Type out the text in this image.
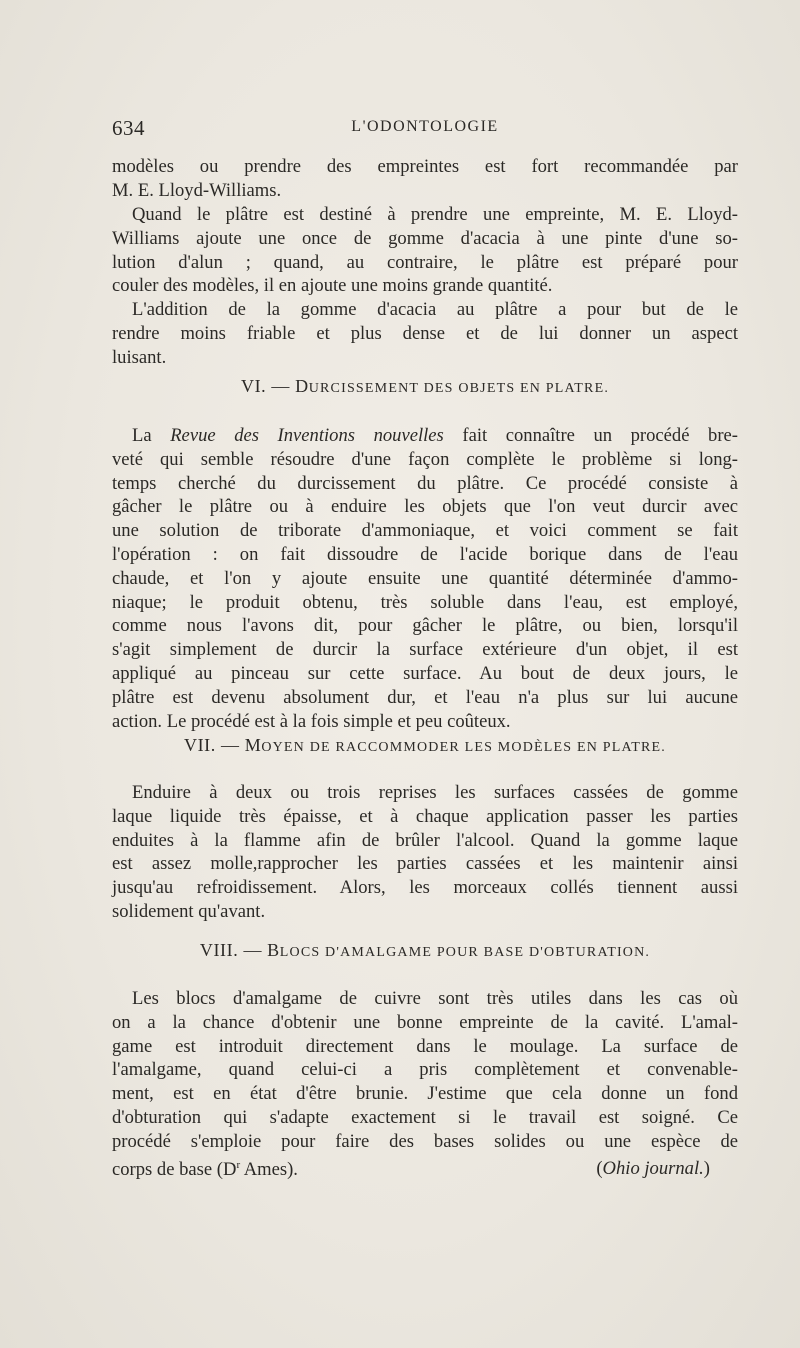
634	L'ODONTOLOGIE
modèles ou prendre des empreintes est fort recommandée par
M. E. Lloyd-Williams.
Quand le plâtre est destiné à prendre une empreinte, M. E. Lloyd-
Williams ajoute une once de gomme d'acacia à une pinte d'une so-
lution d'alun ; quand, au contraire, le plâtre est préparé pour
couler des modèles, il en ajoute une moins grande quantité.
L'addition de la gomme d'acacia au plâtre a pour but de le
rendre moins friable et plus dense et de lui donner un aspect
luisant.
VI. — DURCISSEMENT DES OBJETS EN PLATRE.
La Revue des Inventions nouvelles fait connaître un procédé bre-
veté qui semble résoudre d'une façon complète le problème si long-
temps cherché du durcissement du plâtre. Ce procédé consiste à
gâcher le plâtre ou à enduire les objets que l'on veut durcir avec
une solution de triborate d'ammoniaque, et voici comment se fait
l'opération : on fait dissoudre de l'acide borique dans de l'eau
chaude, et l'on y ajoute ensuite une quantité déterminée d'ammo-
niaque; le produit obtenu, très soluble dans l'eau, est employé,
comme nous l'avons dit, pour gâcher le plâtre, ou bien, lorsqu'il
s'agit simplement de durcir la surface extérieure d'un objet, il est
appliqué au pinceau sur cette surface. Au bout de deux jours, le
plâtre est devenu absolument dur, et l'eau n'a plus sur lui aucune
action. Le procédé est à la fois simple et peu coûteux.
VII. — MOYEN DE RACCOMMODER LES MODÈLES EN PLATRE.
Enduire à deux ou trois reprises les surfaces cassées de gomme
laque liquide très épaisse, et à chaque application passer les parties
enduites à la flamme afin de brûler l'alcool. Quand la gomme laque
est assez molle,rapprocher les parties cassées et les maintenir ainsi
jusqu'au refroidissement. Alors, les morceaux collés tiennent aussi
solidement qu'avant.
VIII. — BLOCS D'AMALGAME POUR BASE D'OBTURATION.
Les blocs d'amalgame de cuivre sont très utiles dans les cas où
on a la chance d'obtenir une bonne empreinte de la cavité. L'amal-
game est introduit directement dans le moulage. La surface de
l'amalgame, quand celui-ci a pris complètement et convenable-
ment, est en état d'être brunie. J'estime que cela donne un fond
d'obturation qui s'adapte exactement si le travail est soigné. Ce
procédé s'emploie pour faire des bases solides ou une espèce de
corps de base ($D^r$ Ames).	(Ohio journal.)
